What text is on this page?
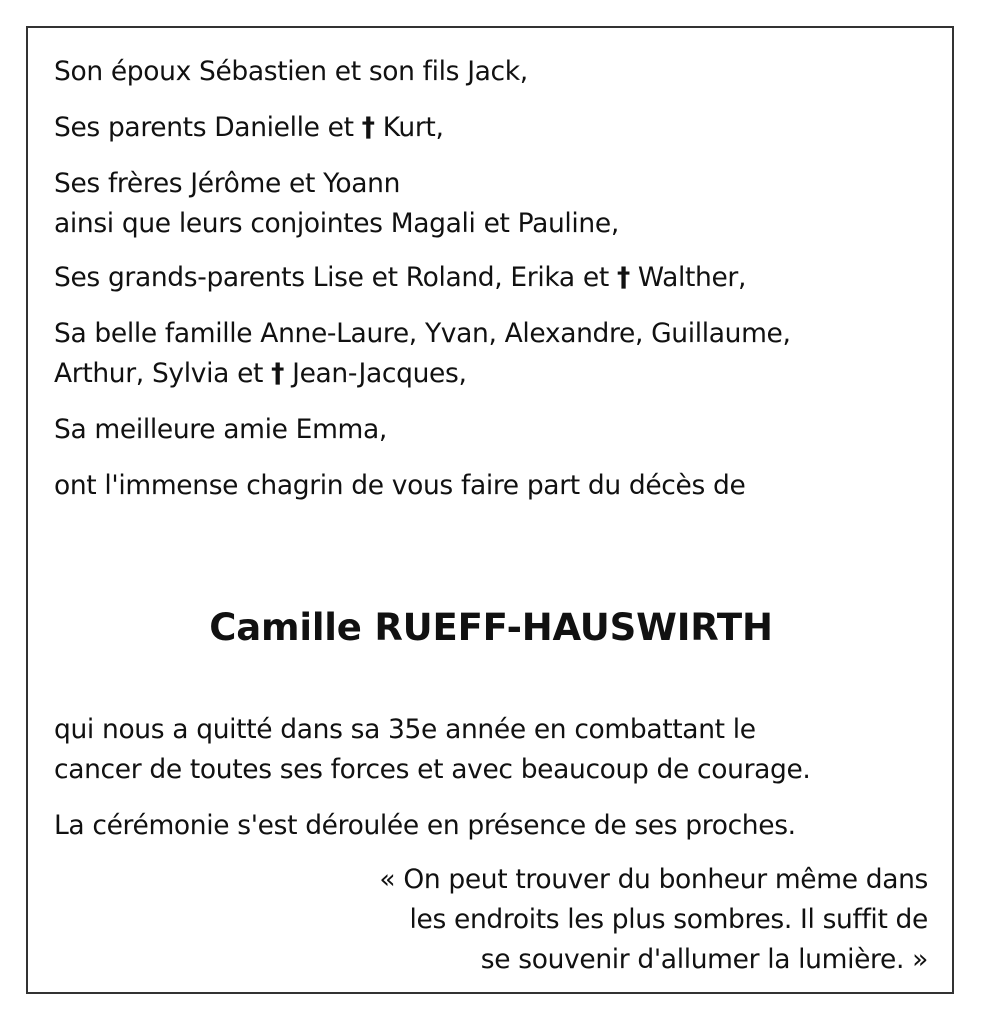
Son époux Sébastien et son fils Jack,
Ses parents Danielle et † Kurt,
Ses frères Jérôme et Yoann
ainsi que leurs conjointes Magali et Pauline,
Ses grands-parents Lise et Roland, Erika et † Walther,
Sa belle famille Anne-Laure, Yvan, Alexandre, Guillaume,
Arthur, Sylvia et † Jean-Jacques,
Sa meilleure amie Emma,
ont l'immense chagrin de vous faire part du décès de
Camille RUEFF-HAUSWIRTH
qui nous a quitté dans sa 35e année en combattant le
cancer de toutes ses forces et avec beaucoup de courage.
La cérémonie s'est déroulée en présence de ses proches.
« On peut trouver du bonheur même dans
les endroits les plus sombres. Il suffit de
se souvenir d'allumer la lumière. »
